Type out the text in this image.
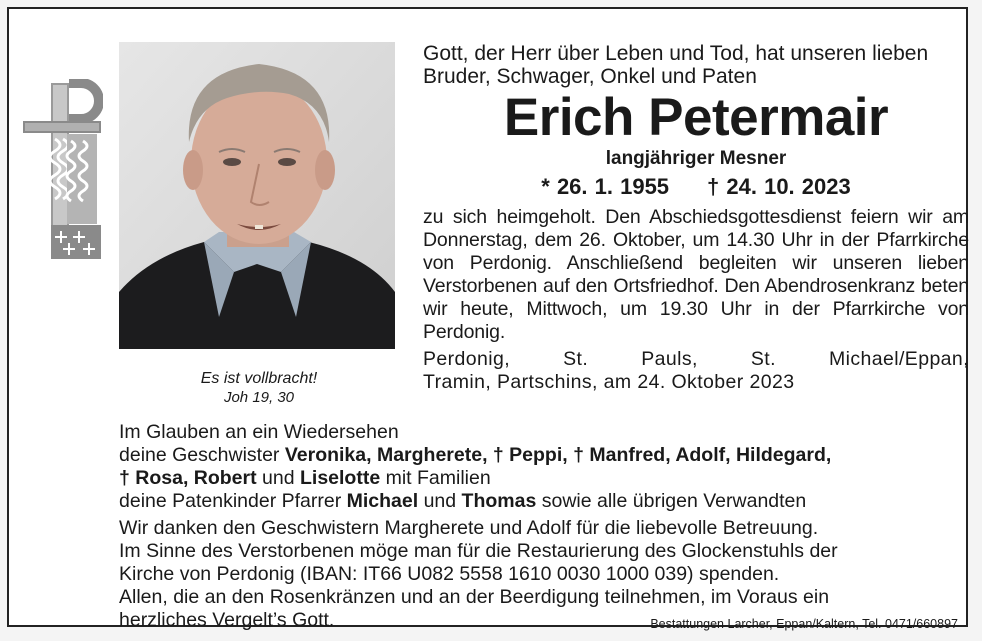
Es ist vollbracht!
Joh 19, 30

Gott, der Herr über Leben und Tod, hat unseren lieben Bruder, Schwager, Onkel und Paten

Erich Petermair

langjähriger Mesner

* 26. 1. 1955 † 24. 10. 2023

zu sich heimgeholt. Den Abschiedsgottesdienst feiern wir am Donnerstag, dem 26. Oktober, um 14.30 Uhr in der Pfarrkirche von Perdonig. Anschließend begleiten wir unseren lieben Verstorbenen auf den Ortsfriedhof. Den Abendrosenkranz beten wir heute, Mittwoch, um 19.30 Uhr in der Pfarrkirche von Perdonig.

Perdonig, St. Pauls, St. Michael/Eppan,

Tramin, Partschins, am 24. Oktober 2023

Im Glauben an ein Wiedersehen

deine Geschwister Veronika, Margherete, † Peppi, † Manfred, Adolf, Hildegard,

† Rosa, Robert und Liselotte mit Familien

deine Patenkinder Pfarrer Michael und Thomas sowie alle übrigen Verwandten

Wir danken den Geschwistern Margherete und Adolf für die liebevolle Betreuung.

Im Sinne des Verstorbenen möge man für die Restaurierung des Glockenstuhls der

Kirche von Perdonig (IBAN: IT66 U082 5558 1610 0030 1000 039) spenden.

Allen, die an den Rosenkränzen und an der Beerdigung teilnehmen, im Voraus ein

herzliches Vergelt’s Gott.	Bestattungen Larcher, Eppan/Kaltern, Tel. 0471/660897
